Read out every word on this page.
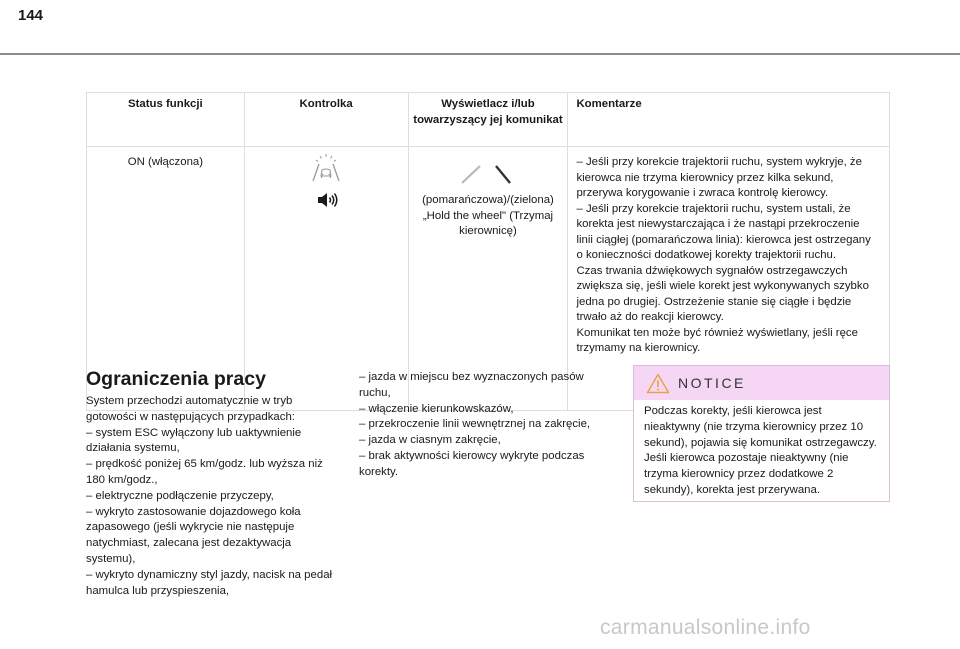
144
Status funkcji	Kontrolka	Wyświetlacz i/lub towarzyszący jej komunikat	Komentarze
ON (włączona)		(pomarańczowa)/(zielona) „Hold the wheel" (Trzymaj kierownicę)	– Jeśli przy korekcie trajektorii ruchu, system wykryje, że kierowca nie trzyma kierownicy przez kilka sekund, przerywa korygowanie i zwraca kontrolę kierowcy.
– Jeśli przy korekcie trajektorii ruchu, system ustali, że korekta jest niewystarczająca i że nastąpi przekroczenie linii ciągłej (pomarańczowa linia): kierowca jest ostrzegany o konieczności dodatkowej korekty trajektorii ruchu.
Czas trwania dźwiękowych sygnałów ostrzegawczych zwiększa się, jeśli wiele korekt jest wykonywanych szybko jedna po drugiej. Ostrzeżenie stanie się ciągłe i będzie trwało aż do reakcji kierowcy.
Komunikat ten może być również wyświetlany, jeśli ręce trzymamy na kierownicy.
Ograniczenia pracy
System przechodzi automatycznie w tryb gotowości w następujących przypadkach:
– system ESC wyłączony lub uaktywnienie działania systemu,
– prędkość poniżej 65 km/godz. lub wyższa niż 180 km/godz.,
– elektryczne podłączenie przyczepy,
– wykryto zastosowanie dojazdowego koła zapasowego (jeśli wykrycie nie następuje natychmiast, zalecana jest dezaktywacja systemu),
– wykryto dynamiczny styl jazdy, nacisk na pedał hamulca lub przyspieszenia,
– jazda w miejscu bez wyznaczonych pasów ruchu,
– włączenie kierunkowskazów,
– przekroczenie linii wewnętrznej na zakręcie,
– jazda w ciasnym zakręcie,
– brak aktywności kierowcy wykryte podczas korekty.
NOTICE
Podczas korekty, jeśli kierowca jest nieaktywny (nie trzyma kierownicy przez 10 sekund), pojawia się komunikat ostrzegawczy. Jeśli kierowca pozostaje nieaktywny (nie trzyma kierownicy przez dodatkowe 2 sekundy), korekta jest przerywana.
carmanualsonline.info
